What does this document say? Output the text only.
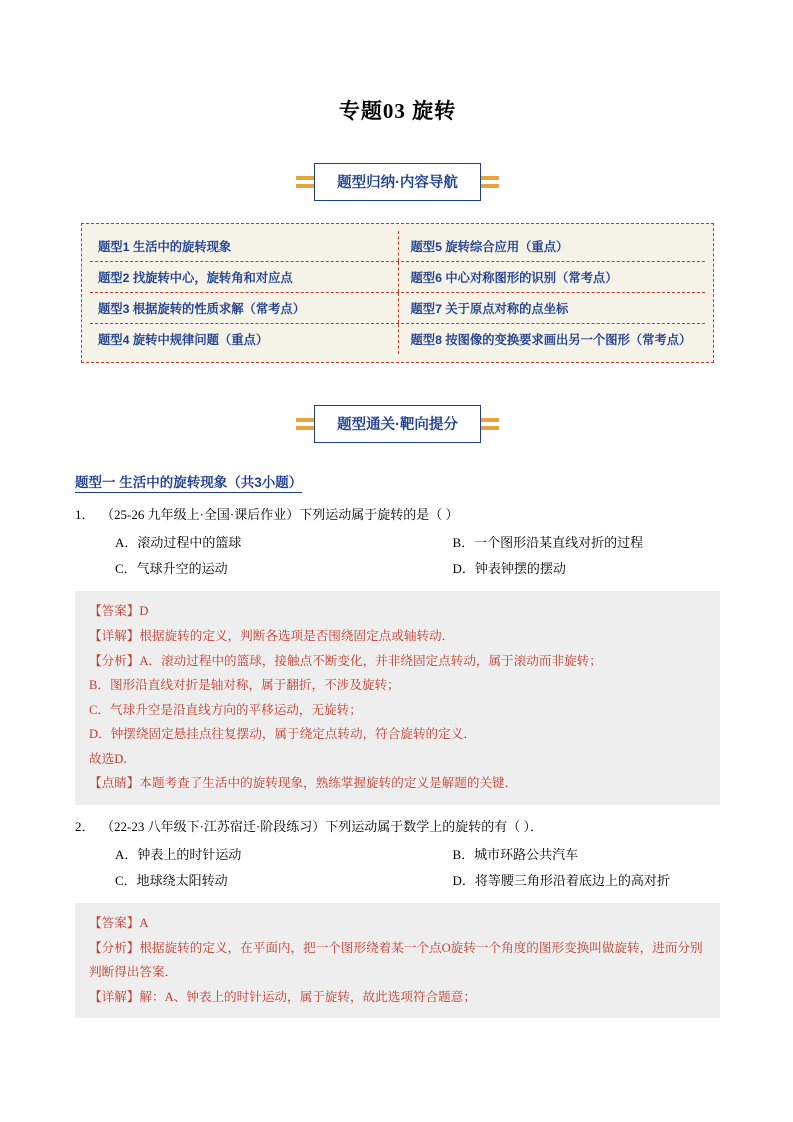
专题03 旋转
题型归纳·内容导航
题型1 生活中的旋转现象	题型5 旋转综合应用（重点）
题型2 找旋转中心，旋转角和对应点	题型6 中心对称图形的识别（常考点）
题型3 根据旋转的性质求解（常考点）	题型7 关于原点对称的点坐标
题型4 旋转中规律问题（重点）	题型8 按图像的变换要求画出另一个图形（常考点）
题型通关·靶向提分
题型一 生活中的旋转现象（共3小题）
1． （25-26 九年级上·全国·课后作业）下列运动属于旋转的是（ ）
A．滚动过程中的篮球	B．一个图形沿某直线对折的过程
C．气球升空的运动	D．钟表钟摆的摆动
【答案】D
【详解】根据旋转的定义，判断各选项是否围绕固定点或轴转动．
【分析】A．滚动过程中的篮球，接触点不断变化，并非绕固定点转动，属于滚动而非旋转；
B．图形沿直线对折是轴对称，属于翻折，不涉及旋转；
C．气球升空是沿直线方向的平移运动，无旋转；
D．钟摆绕固定悬挂点往复摆动，属于绕定点转动，符合旋转的定义．
故选D．
【点睛】本题考查了生活中的旋转现象，熟练掌握旋转的定义是解题的关键．
2． （22-23 八年级下·江苏宿迁·阶段练习）下列运动属于数学上的旋转的有（ ）．
A．钟表上的时针运动	B．城市环路公共汽车
C．地球绕太阳转动	D．将等腰三角形沿着底边上的高对折
【答案】A
【分析】根据旋转的定义，在平面内，把一个图形绕着某一个点O旋转一个角度的图形变换叫做旋转，进而分别判断得出答案．
【详解】解：A、钟表上的时针运动，属于旋转，故此选项符合题意；
